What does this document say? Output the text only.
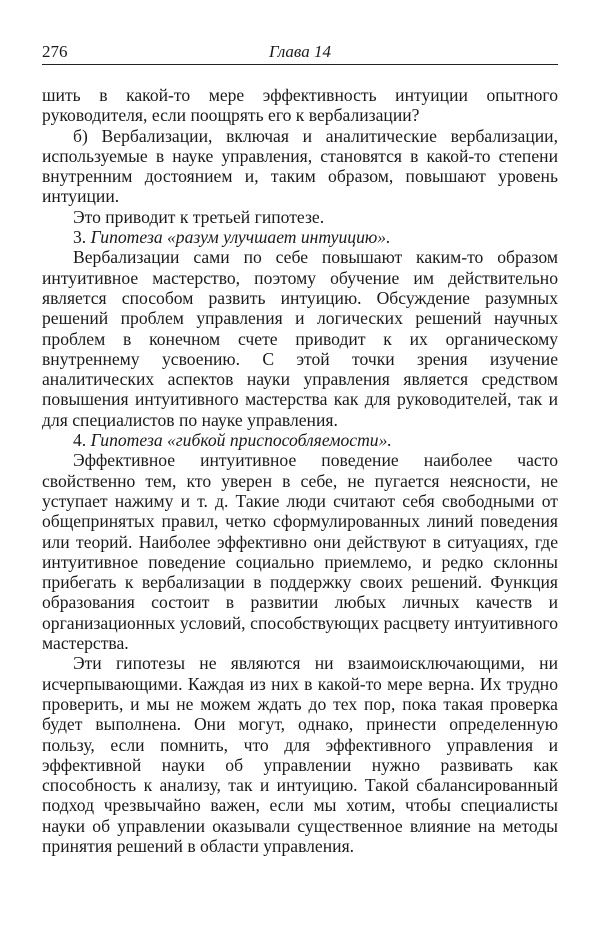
276	Глава 14

шить в какой-то мере эффективность интуиции опытного руководителя, если поощрять его к вербализации?

б) Вербализации, включая и аналитические вербализации, используемые в науке управления, становятся в какой-то степени внутренним достоянием и, таким образом, повышают уровень интуиции.

Это приводит к третьей гипотезе.

3. Гипотеза «разум улучшает интуицию».

Вербализации сами по себе повышают каким-то образом интуитивное мастерство, поэтому обучение им действительно является способом развить интуицию. Обсуждение разумных решений проблем управления и логических решений научных проблем в конечном счете приводит к их органическому внутреннему усвоению. С этой точки зрения изучение аналитических аспектов науки управления является средством повышения интуитивного мастерства как для руководителей, так и для специалистов по науке управления.

4. Гипотеза «гибкой приспособляемости».

Эффективное интуитивное поведение наиболее часто свойственно тем, кто уверен в себе, не пугается неясности, не уступает нажиму и т. д. Такие люди считают себя свободными от общепринятых правил, четко сформулированных линий поведения или теорий. Наиболее эффективно они действуют в ситуациях, где интуитивное поведение социально приемлемо, и редко склонны прибегать к вербализации в поддержку своих решений. Функция образования состоит в развитии любых личных качеств и организационных условий, способствующих расцвету интуитивного мастерства.

Эти гипотезы не являются ни взаимоисключающими, ни исчерпывающими. Каждая из них в какой-то мере верна. Их трудно проверить, и мы не можем ждать до тех пор, пока такая проверка будет выполнена. Они могут, однако, принести определенную пользу, если помнить, что для эффективного управления и эффективной науки об управлении нужно развивать как способность к анализу, так и интуицию. Такой сбалансированный подход чрезвычайно важен, если мы хотим, чтобы специалисты науки об управлении оказывали существенное влияние на методы принятия решений в области управления.
